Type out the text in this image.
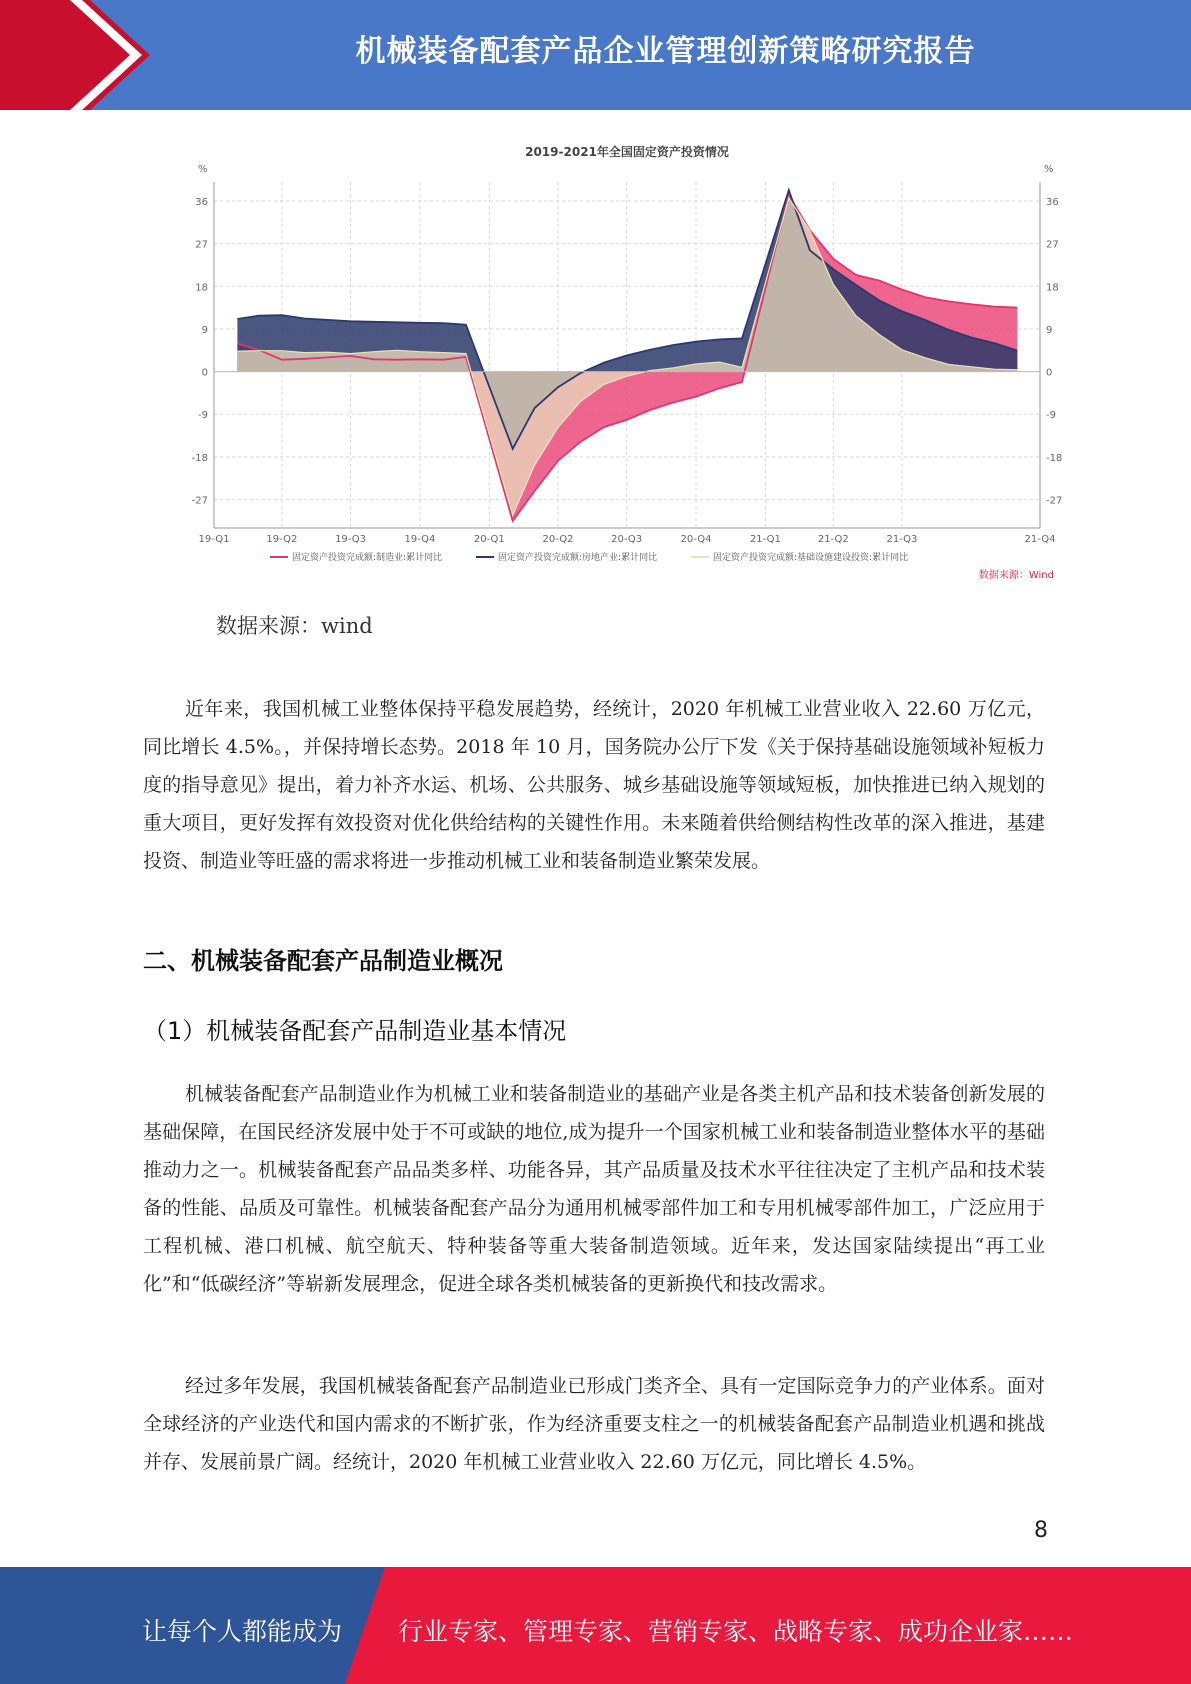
机械装备配套产品企业管理创新策略研究报告
2019-2021年全国固定资产投资情况
%	%
36	36
27	27
18	18
9	9
0	0
-9	-9
-18	-18
-27	-27
19-Q1	19-Q2	19-Q3	19-Q4	20-Q1	20-Q2	20-Q3	20-Q4	21-Q1	21-Q2	21-Q3	21-Q4
固定资产投资完成额:制造业:累计同比	固定资产投资完成额:房地产业:累计同比	固定资产投资完成额:基础设施建设投资:累计同比
数据来源：Wind
数据来源：wind

近年来，我国机械工业整体保持平稳发展趋势，经统计，2020 年机械工业营业收入 22.60 万亿元，同比增长 4.5%。，并保持增长态势。2018 年 10 月，国务院办公厅下发《关于保持基础设施领域补短板力度的指导意见》提出，着力补齐水运、机场、公共服务、城乡基础设施等领域短板，加快推进已纳入规划的重大项目，更好发挥有效投资对优化供给结构的关键性作用。未来随着供给侧结构性改革的深入推进，基建投资、制造业等旺盛的需求将进一步推动机械工业和装备制造业繁荣发展。

二、机械装备配套产品制造业概况
（1）机械装备配套产品制造业基本情况

机械装备配套产品制造业作为机械工业和装备制造业的基础产业是各类主机产品和技术装备创新发展的基础保障，在国民经济发展中处于不可或缺的地位,成为提升一个国家机械工业和装备制造业整体水平的基础推动力之一。机械装备配套产品品类多样、功能各异，其产品质量及技术水平往往决定了主机产品和技术装备的性能、品质及可靠性。机械装备配套产品分为通用机械零部件加工和专用机械零部件加工，广泛应用于工程机械、港口机械、航空航天、特种装备等重大装备制造领域。近年来，发达国家陆续提出“再工业化”和“低碳经济”等崭新发展理念，促进全球各类机械装备的更新换代和技改需求。

经过多年发展，我国机械装备配套产品制造业已形成门类齐全、具有一定国际竞争力的产业体系。面对全球经济的产业迭代和国内需求的不断扩张，作为经济重要支柱之一的机械装备配套产品制造业机遇和挑战并存、发展前景广阔。经统计，2020 年机械工业营业收入 22.60 万亿元，同比增长 4.5%。

8
让每个人都能成为 行业专家、管理专家、营销专家、战略专家、成功企业家……
